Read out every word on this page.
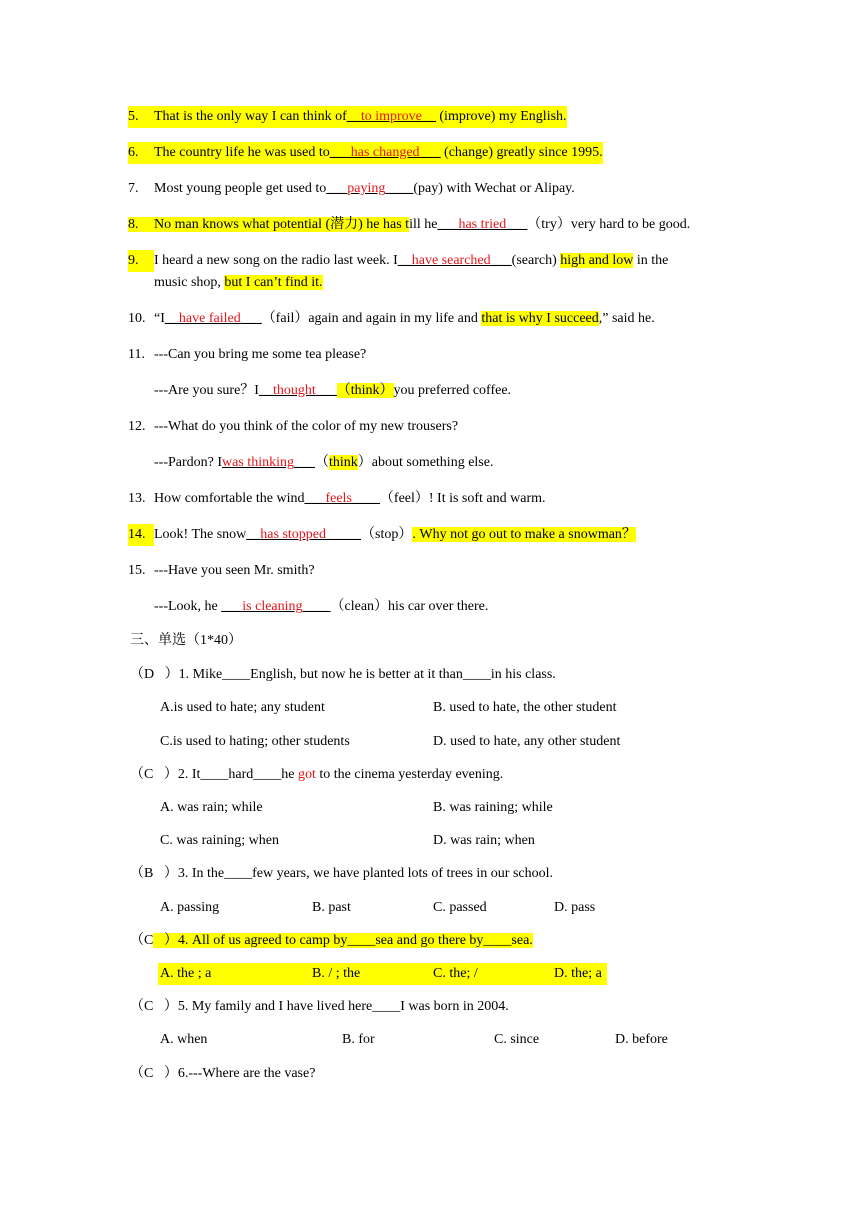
5. That is the only way I can think of__to improve__ (improve) my English.
6. The country life he was used to___has changed___ (change) greatly since 1995.
7. Most young people get used to___paying____(pay) with Wechat or Alipay.
8. No man knows what potential (潜力) he has till he___has tried___（try）very hard to be good.
9. I heard a new song on the radio last week. I__have searched___(search) high and low in the
music shop, but I can’t find it.
10. “I__have failed___（fail）again and again in my life and that is why I succeed,” said he.
11. ---Can you bring me some tea please?
---Are you sure？I__thought___（think）you preferred coffee.
12. ---What do you think of the color of my new trousers?
---Pardon? Iwas thinking___（think）about something else.
13. How comfortable the wind___feels____（feel）! It is soft and warm.
14. Look! The snow__has stopped_____（stop）. Why not go out to make a snowman？
15. ---Have you seen Mr. smith?
---Look, he ___is cleaning____（clean）his car over there.
三、单选（1*40）
（D   ）1. Mike____English, but now he is better at it than____in his class.
A.is used to hate; any student	B. used to hate, the other student
C.is used to hating; other students	D. used to hate, any other student
（C   ）2. It____hard____he got to the cinema yesterday evening.
A. was rain; while	B. was raining; while
C. was raining; when	D. was rain; when
（B   ）3. In the____few years, we have planted lots of trees in our school.
A. passing	B. past	C. passed	D. pass
（C   ）4. All of us agreed to camp by____sea and go there by____sea.
A. the ; a	B. / ; the	C. the; /	D. the; a
（C   ）5. My family and I have lived here____I was born in 2004.
A. when	B. for	C. since	D. before
（C   ）6.---Where are the vase?
